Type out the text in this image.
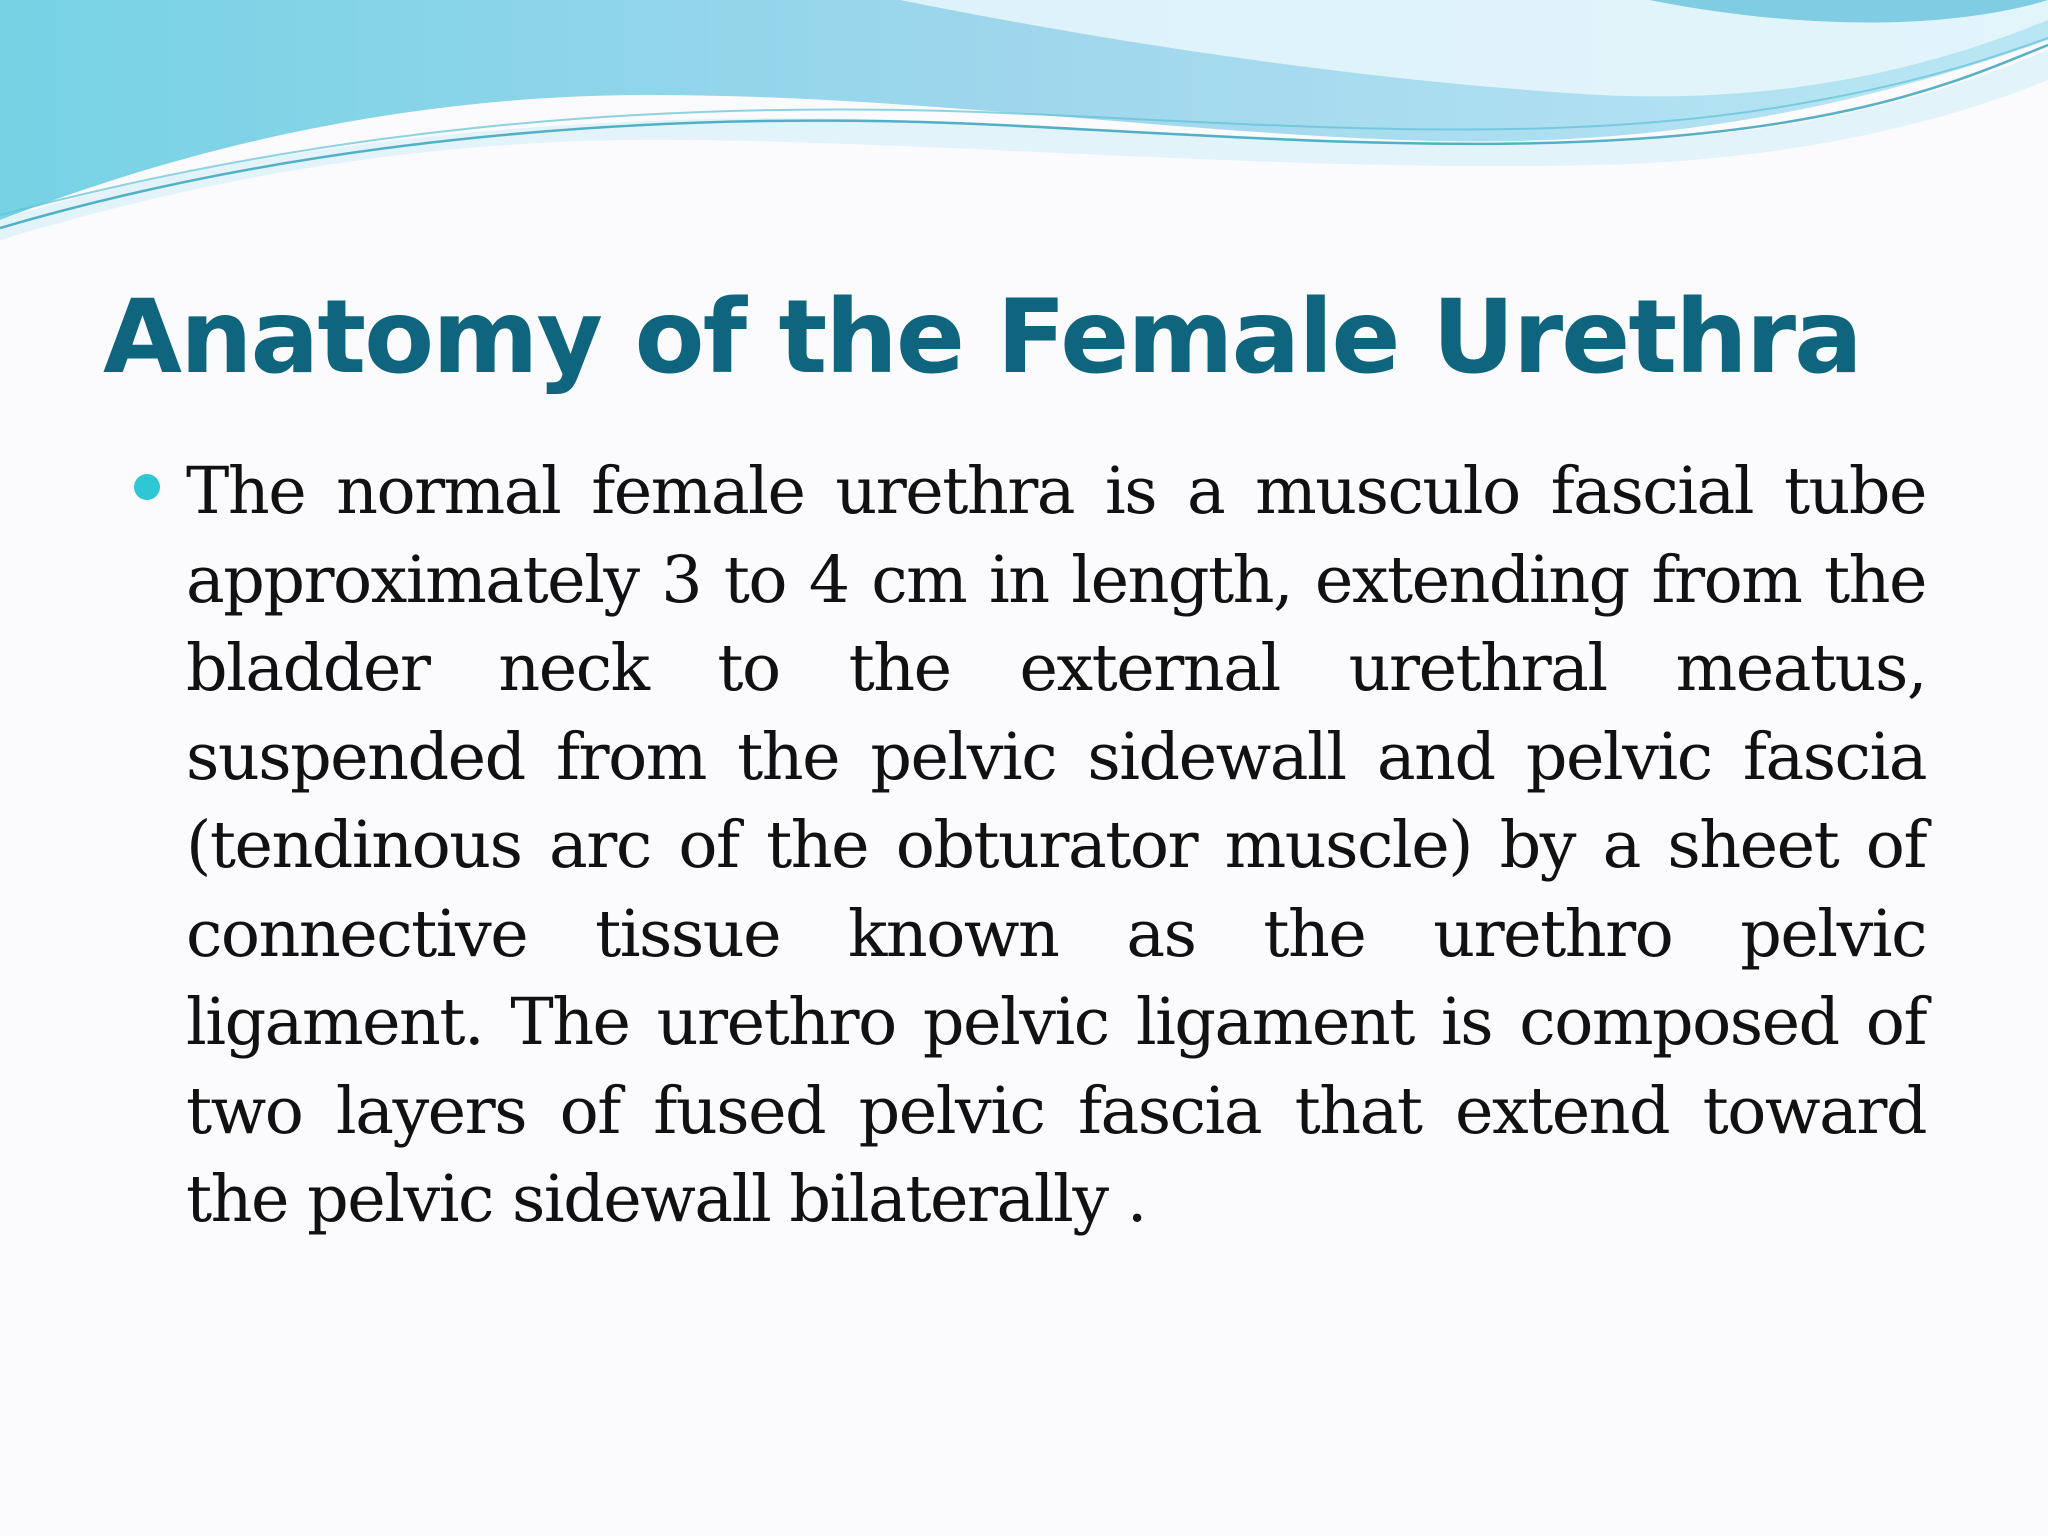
Anatomy of the Female Urethra
The normal female urethra is a musculo fascial tube approximately 3 to 4 cm in length, extending from the bladder neck to the external urethral meatus, suspended from the pelvic sidewall and pelvic fascia (tendinous arc of the obturator muscle) by a sheet of connective tissue known as the urethro pelvic ligament. The urethro pelvic ligament is composed of two layers of fused pelvic fascia that extend toward the pelvic sidewall bilaterally .
